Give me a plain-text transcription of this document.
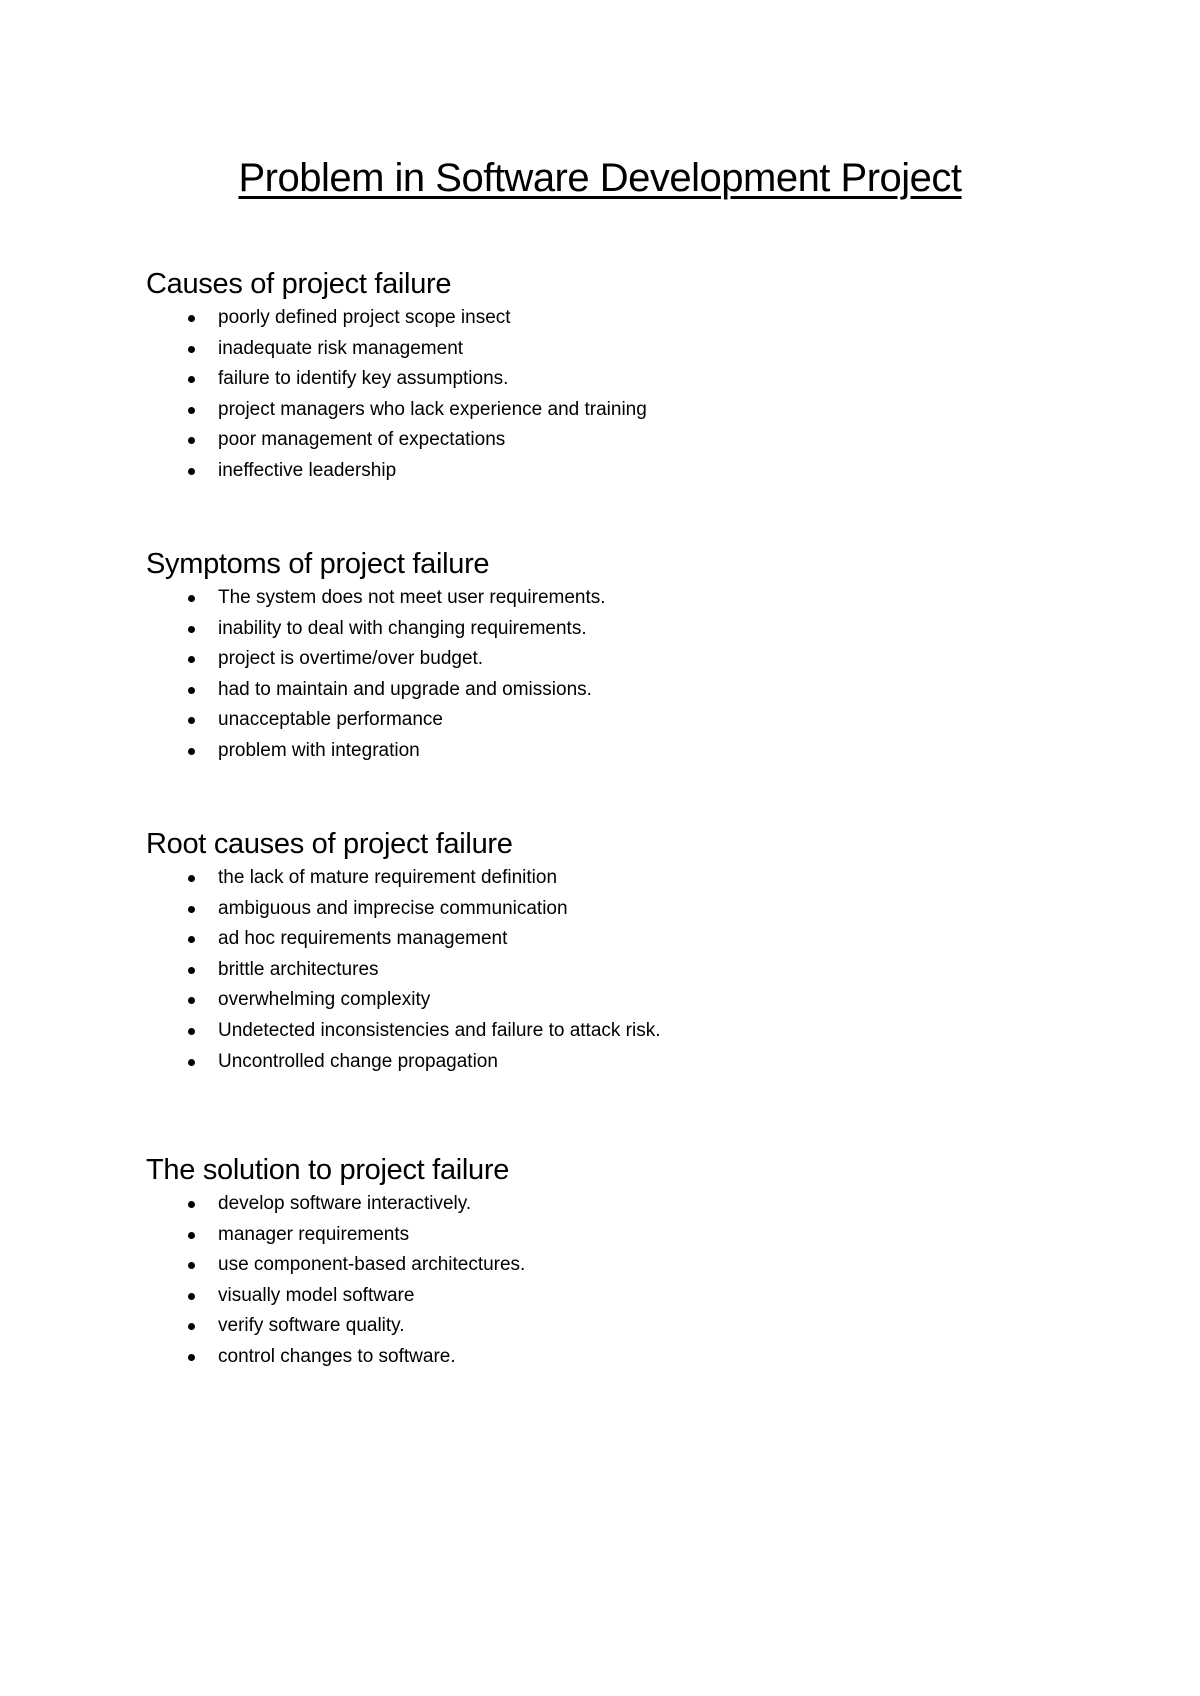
Problem in Software Development Project
Causes of project failure
poorly defined project scope insect
inadequate risk management
failure to identify key assumptions.
project managers who lack experience and training
poor management of expectations
ineffective leadership
Symptoms of project failure
The system does not meet user requirements.
inability to deal with changing requirements.
project is overtime/over budget.
had to maintain and upgrade and omissions.
unacceptable performance
problem with integration
Root causes of project failure
the lack of mature requirement definition
ambiguous and imprecise communication
ad hoc requirements management
brittle architectures
overwhelming complexity
Undetected inconsistencies and failure to attack risk.
Uncontrolled change propagation
The solution to project failure
develop software interactively.
manager requirements
use component-based architectures.
visually model software
verify software quality.
control changes to software.
